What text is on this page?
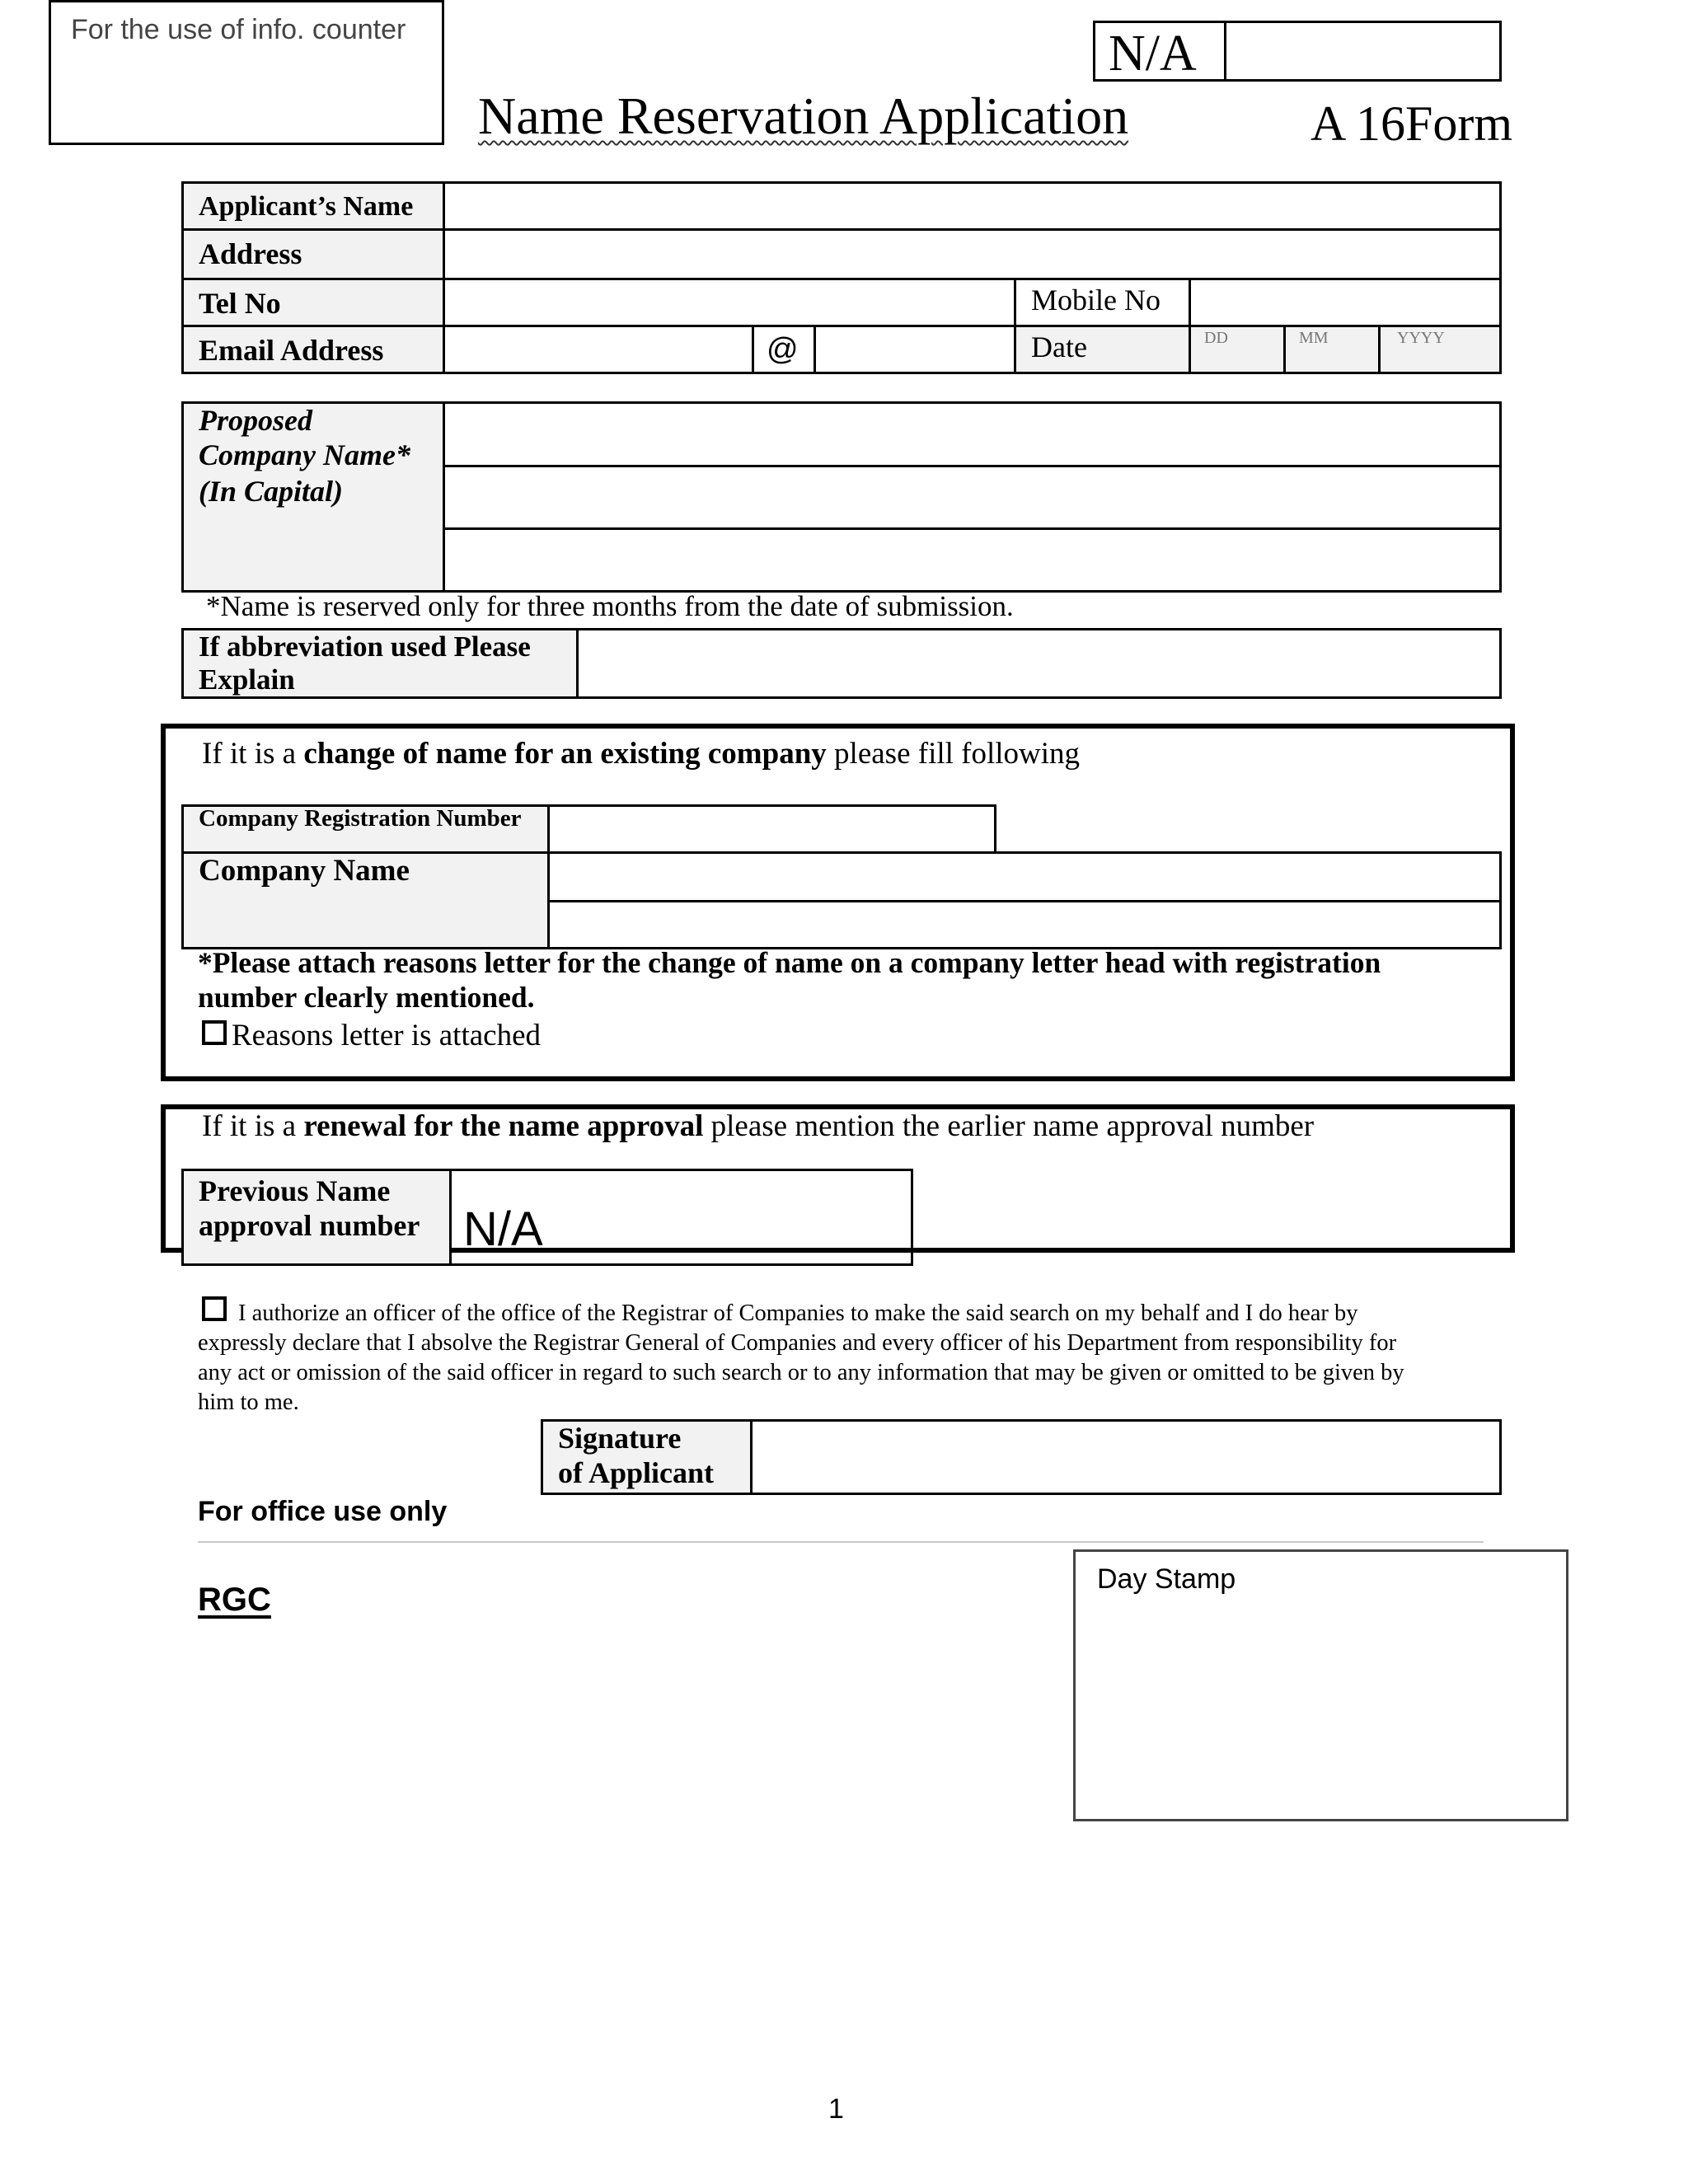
For the use of info. counter	N/A
Name Reservation Application	A 16Form
Applicant’s Name
Address
Tel No	Mobile No
Email Address	@	Date	DD	MM	YYYY
Proposed
Company Name*
(In Capital)
*Name is reserved only for three months from the date of submission.
If abbreviation used Please
Explain
If it is a change of name for an existing company please fill following
Company Registration Number
Company Name
*Please attach reasons letter for the change of name on a company letter head with registration
number clearly mentioned.
Reasons letter is attached
If it is a renewal for the name approval please mention the earlier name approval number
Previous Name
approval number N/A
I authorize an officer of the office of the Registrar of Companies to make the said search on my behalf and I do hear by
expressly declare that I absolve the Registrar General of Companies and every officer of his Department from responsibility for
any act or omission of the said officer in regard to such search or to any information that may be given or omitted to be given by
him to me.
Signature
of Applicant
For office use only
RGC
Day Stamp
1
